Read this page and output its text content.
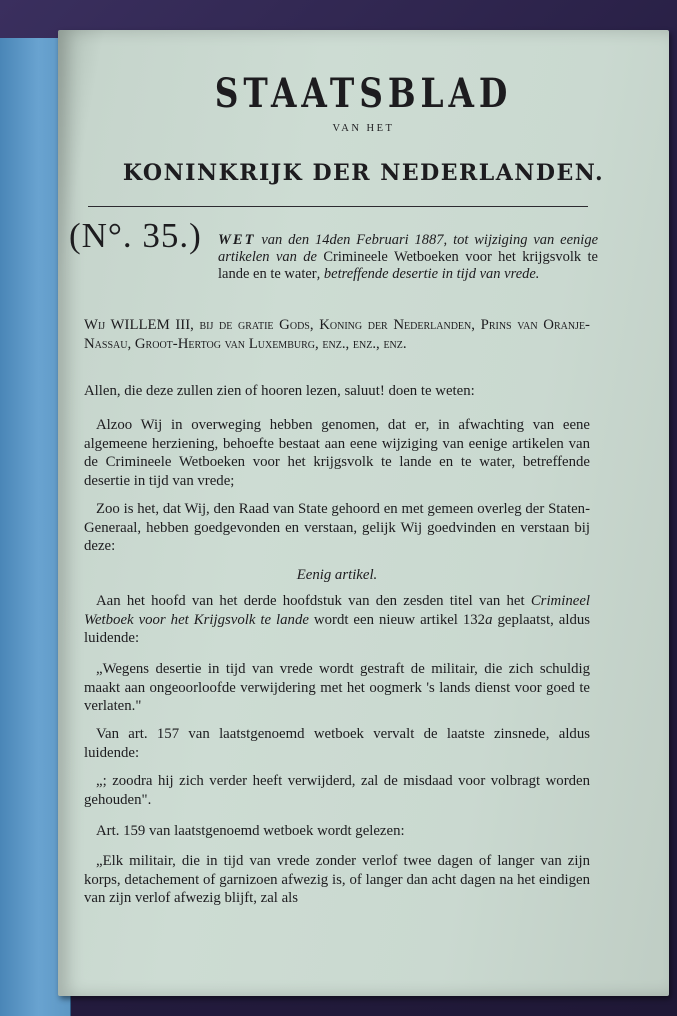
STAATSBLAD
VAN HET
KONINKRIJK DER NEDERLANDEN.
(N°. 35.) WET van den 14den Februari 1887, tot wijziging van eenige artikelen van de Crimineele Wetboeken voor het krijgsvolk te lande en te water, betreffende desertie in tijd van vrede.
Wij WILLEM III, bij de gratie Gods, Koning der Nederlanden, Prins van Oranje-Nassau, Groot-Hertog van Luxemburg, enz., enz., enz.
Allen, die deze zullen zien of hooren lezen, saluut! doen te weten:
Alzoo Wij in overweging hebben genomen, dat er, in afwachting van eene algemeene herziening, behoefte bestaat aan eene wijziging van eenige artikelen van de Crimineele Wetboeken voor het krijgsvolk te lande en te water, betreffende desertie in tijd van vrede;
Zoo is het, dat Wij, den Raad van State gehoord en met gemeen overleg der Staten-Generaal, hebben goedgevonden en verstaan, gelijk Wij goedvinden en verstaan bij deze:
Eenig artikel.
Aan het hoofd van het derde hoofdstuk van den zesden titel van het Crimineel Wetboek voor het Krijgsvolk te lande wordt een nieuw artikel 132a geplaatst, aldus luidende:
„Wegens desertie in tijd van vrede wordt gestraft de militair, die zich schuldig maakt aan ongeoorloofde verwijdering met het oogmerk 's lands dienst voor goed te verlaten."
Van art. 157 van laatstgenoemd wetboek vervalt de laatste zinsnede, aldus luidende:
„; zoodra hij zich verder heeft verwijderd, zal de misdaad voor volbragt worden gehouden".
Art. 159 van laatstgenoemd wetboek wordt gelezen:
„Elk militair, die in tijd van vrede zonder verlof twee dagen of langer van zijn korps, detachement of garnizoen afwezig is, of langer dan acht dagen na het eindigen van zijn verlof afwezig blijft, zal als
